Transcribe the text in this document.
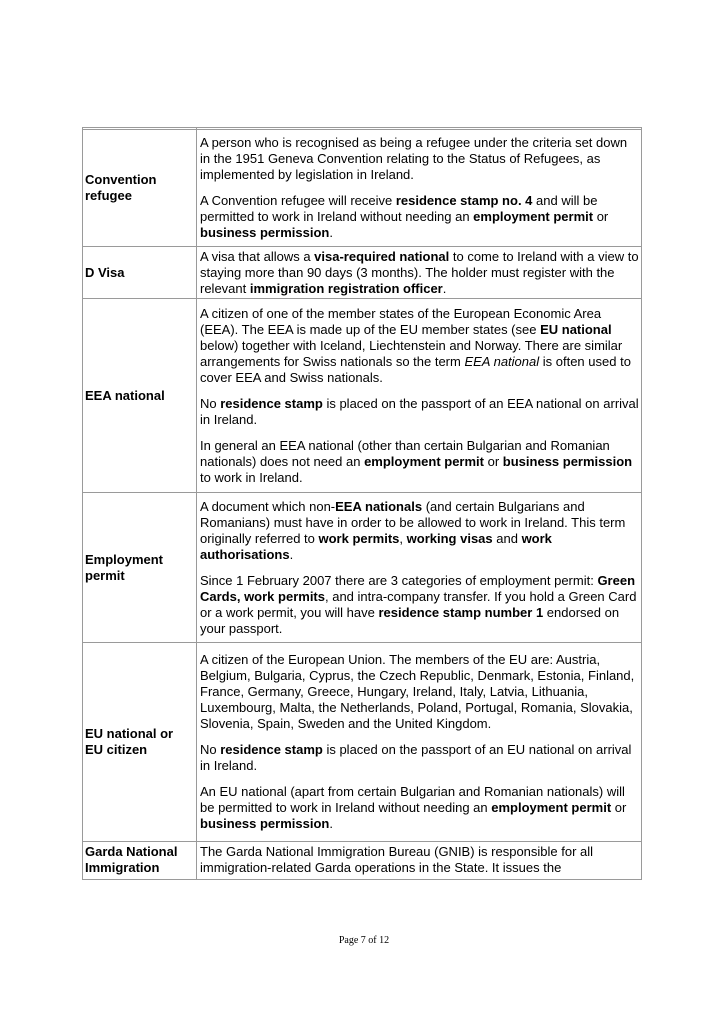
Convention refugee	A person who is recognised as being a refugee under the criteria set down in the 1951 Geneva Convention relating to the Status of Refugees, as implemented by legislation in Ireland.

A Convention refugee will receive residence stamp no. 4 and will be permitted to work in Ireland without needing an employment permit or business permission.

D Visa	A visa that allows a visa-required national to come to Ireland with a view to staying more than 90 days (3 months). The holder must register with the relevant immigration registration officer.

EEA national	A citizen of one of the member states of the European Economic Area (EEA). The EEA is made up of the EU member states (see EU national below) together with Iceland, Liechtenstein and Norway. There are similar arrangements for Swiss nationals so the term EEA national is often used to cover EEA and Swiss nationals.

No residence stamp is placed on the passport of an EEA national on arrival in Ireland.

In general an EEA national (other than certain Bulgarian and Romanian nationals) does not need an employment permit or business permission to work in Ireland.

Employment permit	A document which non-EEA nationals (and certain Bulgarians and Romanians) must have in order to be allowed to work in Ireland. This term originally referred to work permits, working visas and work authorisations.

Since 1 February 2007 there are 3 categories of employment permit: Green Cards, work permits, and intra-company transfer. If you hold a Green Card or a work permit, you will have residence stamp number 1 endorsed on your passport.

EU national or EU citizen	A citizen of the European Union. The members of the EU are: Austria, Belgium, Bulgaria, Cyprus, the Czech Republic, Denmark, Estonia, Finland, France, Germany, Greece, Hungary, Ireland, Italy, Latvia, Lithuania, Luxembourg, Malta, the Netherlands, Poland, Portugal, Romania, Slovakia, Slovenia, Spain, Sweden and the United Kingdom.

No residence stamp is placed on the passport of an EU national on arrival in Ireland.

An EU national (apart from certain Bulgarian and Romanian nationals) will be permitted to work in Ireland without needing an employment permit or business permission.

Garda National Immigration	The Garda National Immigration Bureau (GNIB) is responsible for all immigration-related Garda operations in the State. It issues the

Page 7 of 12
